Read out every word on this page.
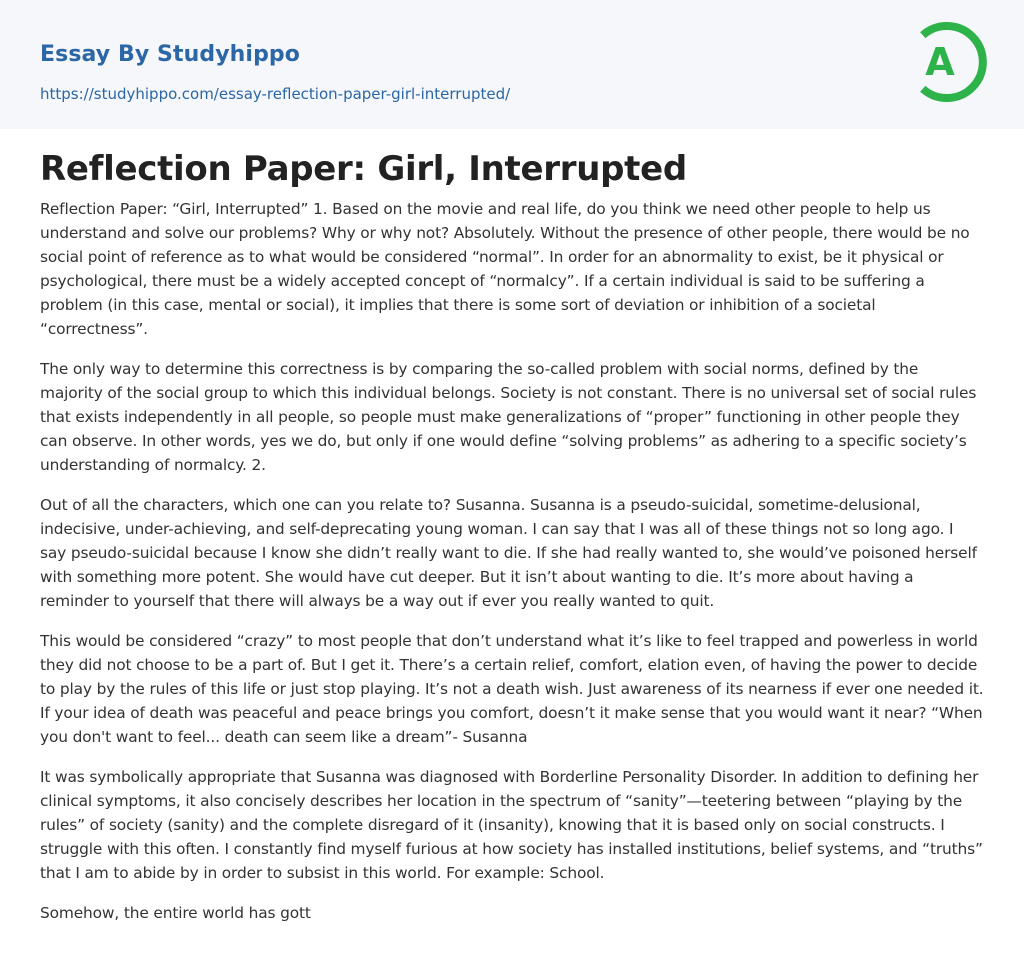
Essay By Studyhippo
https://studyhippo.com/essay-reflection-paper-girl-interrupted/
A
Reflection Paper: Girl, Interrupted

Reflection Paper: “Girl, Interrupted” 1. Based on the movie and real life, do you think we need other people to help us understand and solve our problems? Why or why not? Absolutely. Without the presence of other people, there would be no social point of reference as to what would be considered “normal”. In order for an abnormality to exist, be it physical or psychological, there must be a widely accepted concept of “normalcy”. If a certain individual is said to be suffering a problem (in this case, mental or social), it implies that there is some sort of deviation or inhibition of a societal “correctness”.

The only way to determine this correctness is by comparing the so-called problem with social norms, defined by the majority of the social group to which this individual belongs. Society is not constant. There is no universal set of social rules that exists independently in all people, so people must make generalizations of “proper” functioning in other people they can observe. In other words, yes we do, but only if one would define “solving problems” as adhering to a specific society’s understanding of normalcy. 2.

Out of all the characters, which one can you relate to? Susanna. Susanna is a pseudo-suicidal, sometime-delusional, indecisive, under-achieving, and self-deprecating young woman. I can say that I was all of these things not so long ago. I say pseudo-suicidal because I know she didn’t really want to die. If she had really wanted to, she would’ve poisoned herself with something more potent. She would have cut deeper. But it isn’t about wanting to die. It’s more about having a reminder to yourself that there will always be a way out if ever you really wanted to quit.

This would be considered “crazy” to most people that don’t understand what it’s like to feel trapped and powerless in world they did not choose to be a part of. But I get it. There’s a certain relief, comfort, elation even, of having the power to decide to play by the rules of this life or just stop playing. It’s not a death wish. Just awareness of its nearness if ever one needed it. If your idea of death was peaceful and peace brings you comfort, doesn’t it make sense that you would want it near? “When you don't want to feel... death can seem like a dream”- Susanna

It was symbolically appropriate that Susanna was diagnosed with Borderline Personality Disorder. In addition to defining her clinical symptoms, it also concisely describes her location in the spectrum of “sanity”—teetering between “playing by the rules” of society (sanity) and the complete disregard of it (insanity), knowing that it is based only on social constructs. I struggle with this often. I constantly find myself furious at how society has installed institutions, belief systems, and “truths” that I am to abide by in order to subsist in this world. For example: School.

Somehow, the entire world has gott
